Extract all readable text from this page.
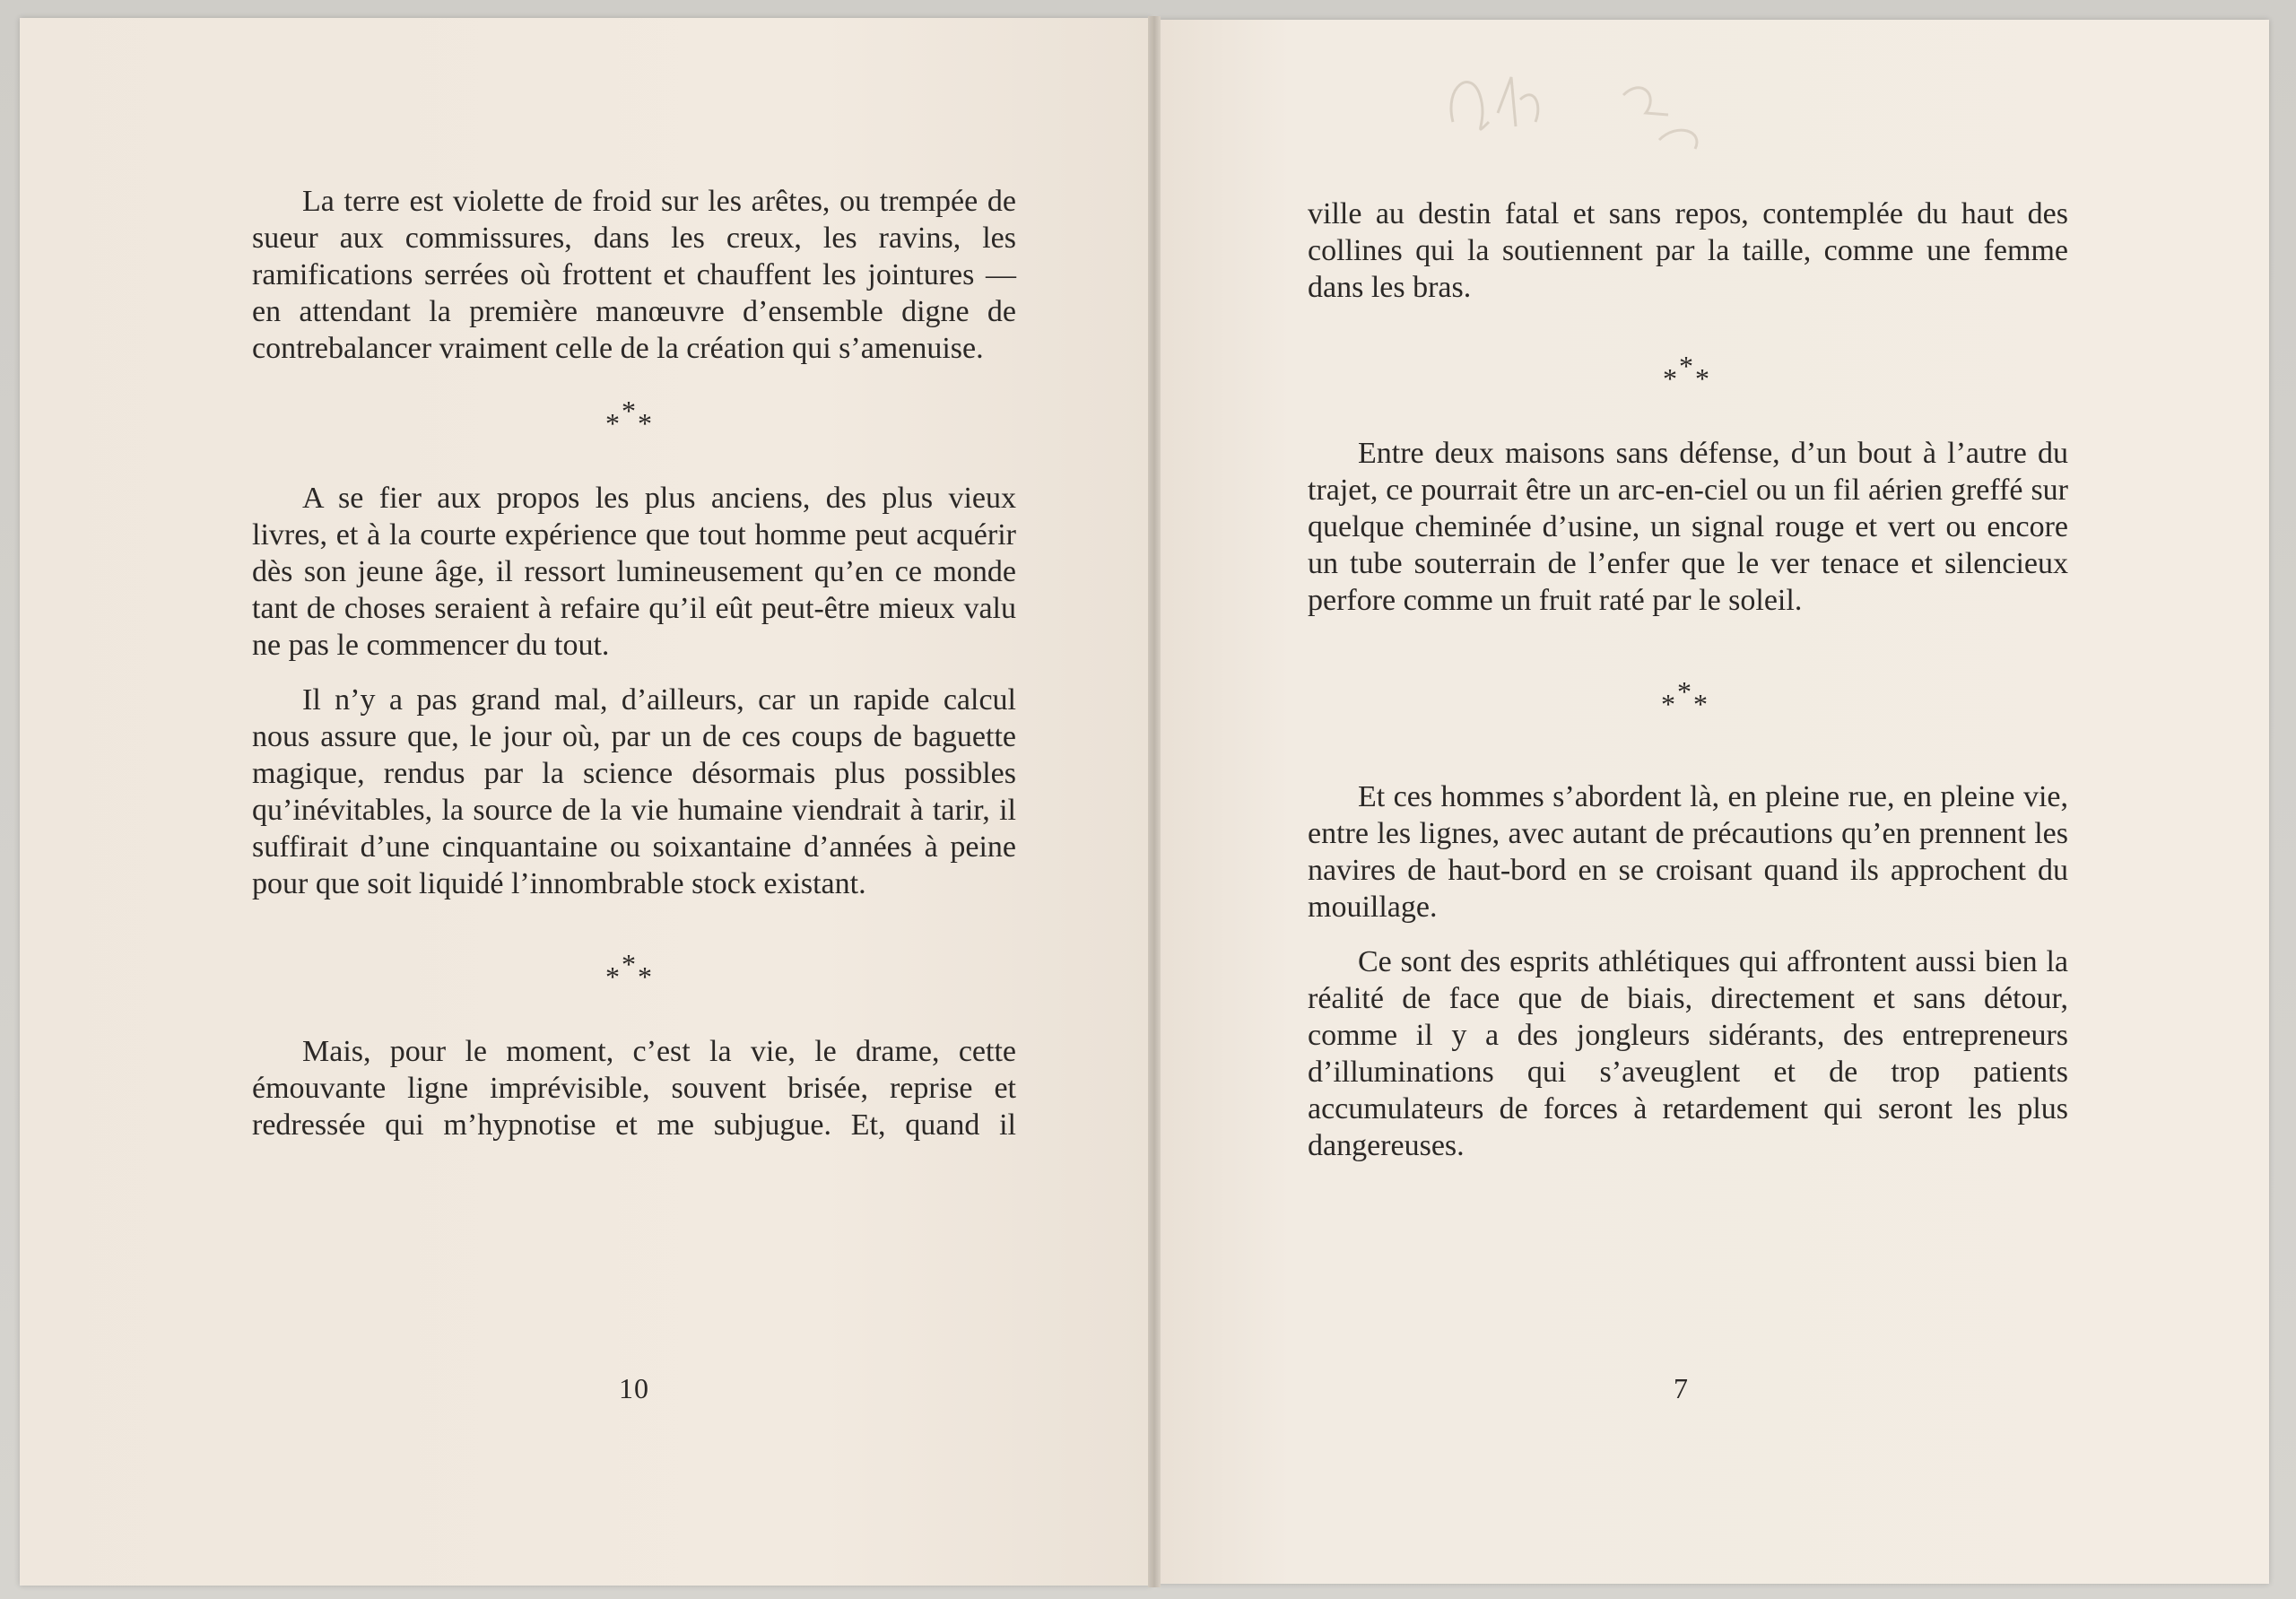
La terre est violette de froid sur les arêtes, ou trempée de sueur aux commissures, dans les creux, les ravins, les ramifications serrées où frottent et chauffent les jointures — en attendant la première manœuvre d’ensemble digne de contrebalancer vraiment celle de la création qui s’amenuise.

*
* *

A se fier aux propos les plus anciens, des plus vieux livres, et à la courte expérience que tout homme peut acquérir dès son jeune âge, il ressort lumineusement qu’en ce monde tant de choses seraient à refaire qu’il eût peut-être mieux valu ne pas le commencer du tout.

Il n’y a pas grand mal, d’ailleurs, car un rapide calcul nous assure que, le jour où, par un de ces coups de baguette magique, rendus par la science désormais plus possibles qu’inévitables, la source de la vie humaine viendrait à tarir, il suffirait d’une cinquantaine ou soixantaine d’années à peine pour que soit liquidé l’innombrable stock existant.

*
* *

Mais, pour le moment, c’est la vie, le drame, cette émouvante ligne imprévisible, souvent brisée, reprise et redressée qui m’hypnotise et me subjugue. Et, quand il

10

ville au destin fatal et sans repos, contemplée du haut des collines qui la soutiennent par la taille, comme une femme dans les bras.

*
* *

Entre deux maisons sans défense, d’un bout à l’autre du trajet, ce pourrait être un arc-en-ciel ou un fil aérien greffé sur quelque cheminée d’usine, un signal rouge et vert ou encore un tube souterrain de l’enfer que le ver tenace et silencieux perfore comme un fruit raté par le soleil.

*
* *

Et ces hommes s’abordent là, en pleine rue, en pleine vie, entre les lignes, avec autant de précautions qu’en prennent les navires de haut-bord en se croisant quand ils approchent du mouillage.

Ce sont des esprits athlétiques qui affrontent aussi bien la réalité de face que de biais, directement et sans détour, comme il y a des jongleurs sidérants, des entrepreneurs d’illuminations qui s’aveuglent et de trop patients accumulateurs de forces à retardement qui seront les plus dangereuses.

7
